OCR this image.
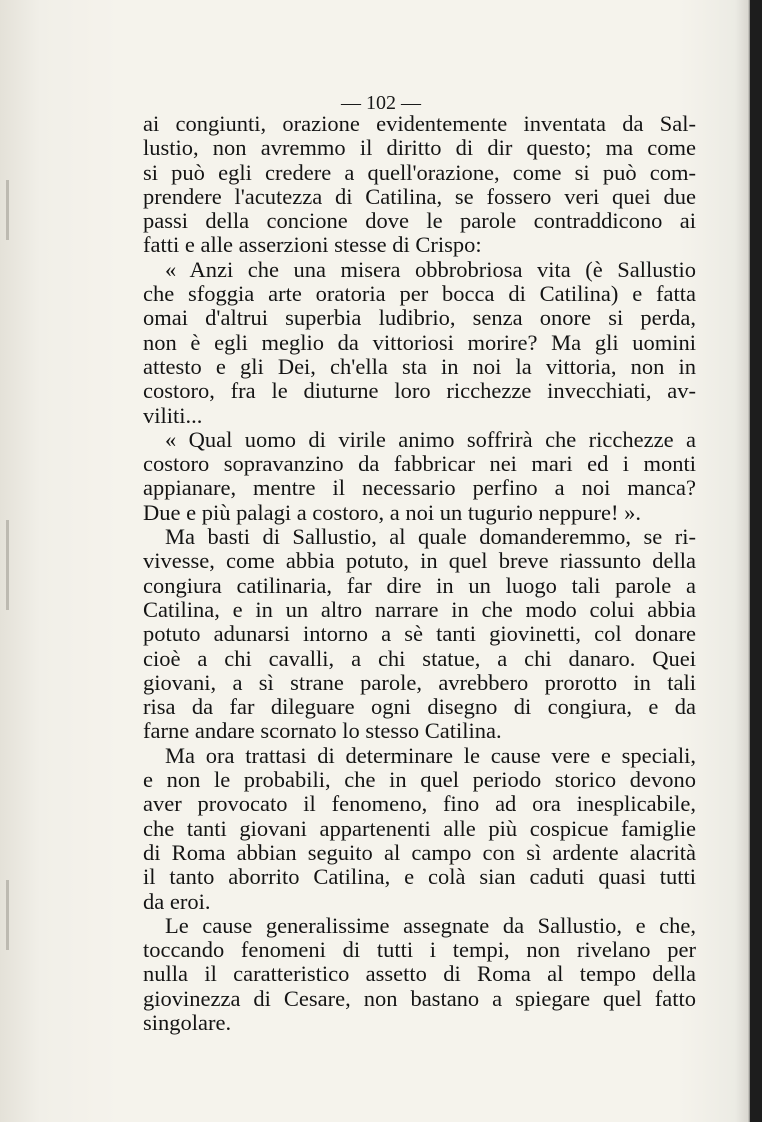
— 102 —
ai congiunti, orazione evidentemente inventata da Sal-
lustio, non avremmo il diritto di dir questo; ma come
si può egli credere a quell'orazione, come si può com-
prendere l'acutezza di Catilina, se fossero veri quei due
passi della concione dove le parole contraddicono ai
fatti e alle asserzioni stesse di Crispo:
« Anzi che una misera obbrobriosa vita (è Sallustio
che sfoggia arte oratoria per bocca di Catilina) e fatta
omai d'altrui superbia ludibrio, senza onore si perda,
non è egli meglio da vittoriosi morire? Ma gli uomini
attesto e gli Dei, ch'ella sta in noi la vittoria, non in
costoro, fra le diuturne loro ricchezze invecchiati, av-
viliti...
« Qual uomo di virile animo soffrirà che ricchezze a
costoro sopravanzino da fabbricar nei mari ed i monti
appianare, mentre il necessario perfino a noi manca?
Due e più palagi a costoro, a noi un tugurio neppure! ».
Ma basti di Sallustio, al quale domanderemmo, se ri-
vivesse, come abbia potuto, in quel breve riassunto della
congiura catilinaria, far dire in un luogo tali parole a
Catilina, e in un altro narrare in che modo colui abbia
potuto adunarsi intorno a sè tanti giovinetti, col donare
cioè a chi cavalli, a chi statue, a chi danaro. Quei
giovani, a sì strane parole, avrebbero prorotto in tali
risa da far dileguare ogni disegno di congiura, e da
farne andare scornato lo stesso Catilina.
Ma ora trattasi di determinare le cause vere e speciali,
e non le probabili, che in quel periodo storico devono
aver provocato il fenomeno, fino ad ora inesplicabile,
che tanti giovani appartenenti alle più cospicue famiglie
di Roma abbian seguito al campo con sì ardente alacrità
il tanto aborrito Catilina, e colà sian caduti quasi tutti
da eroi.
Le cause generalissime assegnate da Sallustio, e che,
toccando fenomeni di tutti i tempi, non rivelano per
nulla il caratteristico assetto di Roma al tempo della
giovinezza di Cesare, non bastano a spiegare quel fatto
singolare.
